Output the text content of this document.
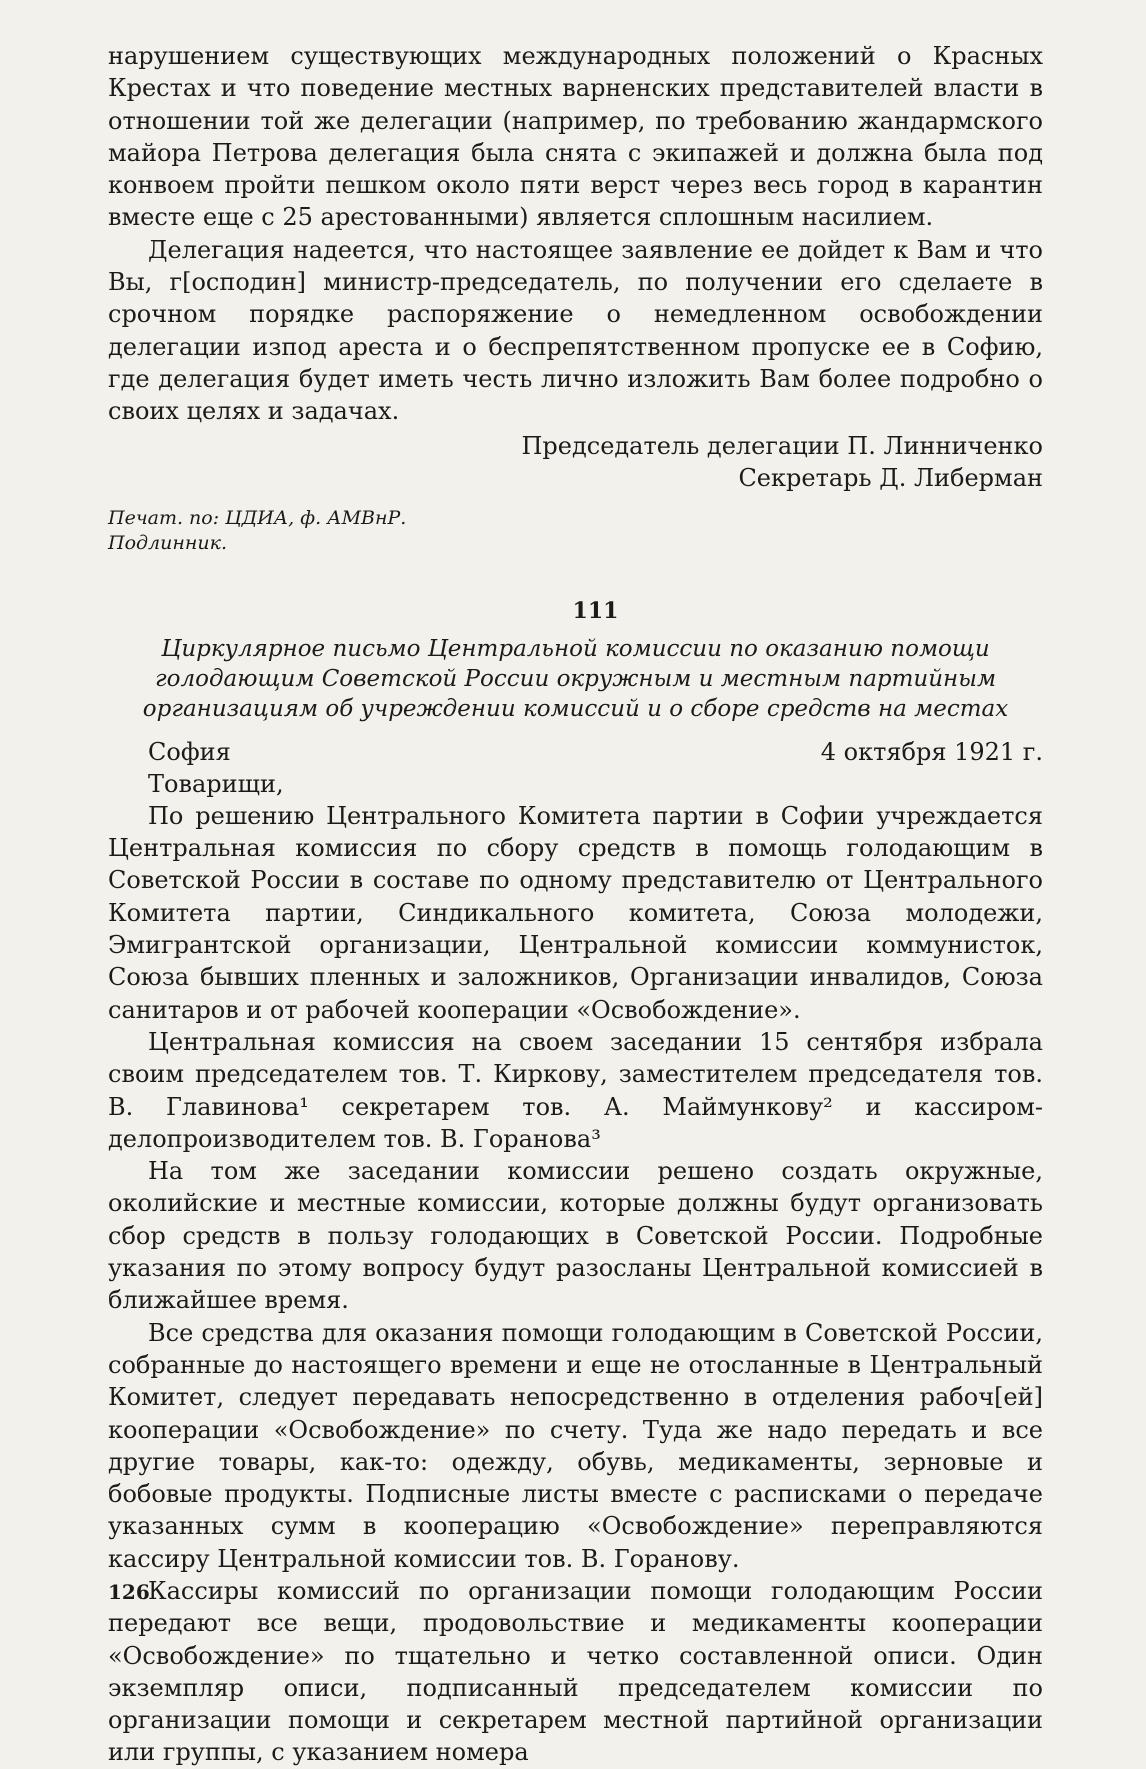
нарушением существующих международных положений о Красных Крестах и что поведение местных варненских представителей власти в отношении той же делегации (например, по требованию жандармского майора Петрова делегация была снята с экипажей и должна была под конвоем пройти пешком около пяти верст через весь город в карантин вместе еще с 25 арестованными) является сплошным насилием.

Делегация надеется, что настоящее заявление ее дойдет к Вам и что Вы, г[осподин] министр-председатель, по получении его сделаете в срочном порядке распоряжение о немедленном освобождении делегации изпод ареста и о беспрепятственном пропуске ее в Софию, где делегация будет иметь честь лично изложить Вам более подробно о своих целях и задачах.

Председатель делегации П. Линниченко
Секретарь Д. Либерман
Печат. по: ЦДИА, ф. АМВнР.
Подлинник.
111
Циркулярное письмо Центральной комиссии по оказанию помощи голодающим Советской России окружным и местным партийным организациям об учреждении комиссий и о сборе средств на местах
София	4 октября 1921 г.

Товарищи,

По решению Центрального Комитета партии в Софии учреждается Центральная комиссия по сбору средств в помощь голодающим в Советской России в составе по одному представителю от Центрального Комитета партии, Синдикального комитета, Союза молодежи, Эмигрантской организации, Центральной комиссии коммунисток, Союза бывших пленных и заложников, Организации инвалидов, Союза санитаров и от рабочей кооперации «Освобождение».

Центральная комиссия на своем заседании 15 сентября избрала своим председателем тов. Т. Киркову, заместителем председателя тов. В. Главинова¹ секретарем тов. А. Маймункову² и кассиром-делопроизводителем тов. В. Горанова³

На том же заседании комиссии решено создать окружные, околийские и местные комиссии, которые должны будут организовать сбор средств в пользу голодающих в Советской России. Подробные указания по этому вопросу будут разосланы Центральной комиссией в ближайшее время.

Все средства для оказания помощи голодающим в Советской России, собранные до настоящего времени и еще не отосланные в Центральный Комитет, следует передавать непосредственно в отделения рабоч[ей] кооперации «Освобождение» по счету. Туда же надо передать и все другие товары, как-то: одежду, обувь, медикаменты, зерновые и бобовые продукты. Подписные листы вместе с расписками о передаче указанных сумм в кооперацию «Освобождение» переправляются кассиру Центральной комиссии тов. В. Горанову.

Кассиры комиссий по организации помощи голодающим России передают все вещи, продовольствие и медикаменты кооперации «Освобождение» по тщательно и четко составленной описи. Один экземпляр описи, подписанный председателем комиссии по организации помощи и секретарем местной партийной организации или группы, с указанием номера

126
